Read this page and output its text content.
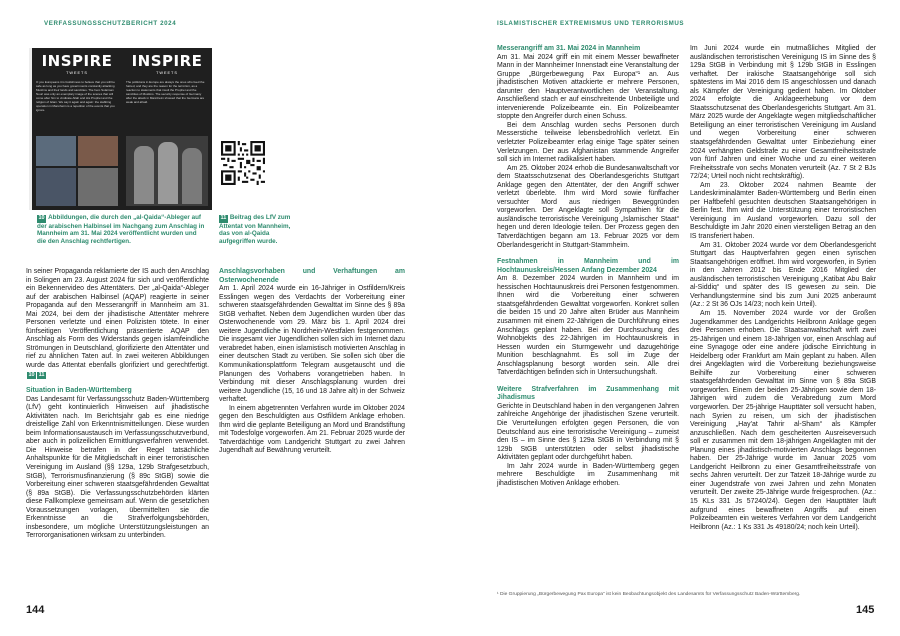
VERFASSUNGSSCHUTZBERICHT 2024	ISLAMISTISCHER EXTREMISMUS UND TERRORISMUS
INSPIRE
TWEETS
O you Europeans it is foolishness to believe that you will be safe as long as you have governments constantly attacking Muslims and their lands and sanctities. The hero Sulaiman Nouri was only an exemplary image of the scenes that will come after him to vindicate Allah and His Prophet and the religion of Islam. We say it again and again: the stabbing operation in Mannheim is a repetition of the events that you ignore.
INSPIRE
TWEETS
The politicians in Europe are always the ones who feed the hatred, and they are the reason for the terrorism, as a reaction to statements that insult the Prophet and the sanctities of Muslims. The security response of Germany after the attack in Mannheim showed that the Germans are weak and afraid.
10 Abbildungen, die durch den „al-Qaida“-Ableger auf der arabischen Halbinsel im Nachgang zum Anschlag in Mannheim am 31. Mai 2024 veröffentlicht wurden und die den Anschlag rechtfertigen.
11 Beitrag des LfV zum Attentat von Mannheim, das von al-Qaida aufgegriffen wurde.

In seiner Propaganda reklamierte der IS auch den Anschlag in Solingen am 23. August 2024 für sich und veröffentlichte ein Bekennervideo des Attentäters. Der „al-Qaida“-Ableger auf der arabischen Halbinsel (AQAP) reagierte in seiner Propaganda auf den Messerangriff in Mannheim am 31. Mai 2024, bei dem der jihadistische Attentäter mehrere Personen verletzte und einen Polizisten tötete. In einer fünfseitigen Veröffentlichung präsentierte AQAP den Anschlag als Form des Widerstands gegen islamfeindliche Strömungen in Deutschland, glorifizierte den Attentäter und rief zu ähnlichen Taten auf. In zwei weiteren Abbildungen wurde das Attentat ebenfalls glorifiziert und gerechtfertigt. 10 11

Situation in Baden-Württemberg

Das Landesamt für Verfassungsschutz Baden-Württemberg (LfV) geht kontinuierlich Hinweisen auf jihadistische Aktivitäten nach. Im Berichtsjahr gab es eine niedrige dreistellige Zahl von Erkenntnismitteilungen. Diese wurden beim Informationsaustausch im Verfassungsschutzverbund, aber auch in polizeilichen Ermittlungsverfahren verwendet. Die Hinweise betrafen in der Regel tatsächliche Anhaltspunkte für die Mitgliedschaft in einer terroristischen Vereinigung im Ausland (§§ 129a, 129b Strafgesetzbuch, StGB), Terrorismusfinanzierung (§ 89c StGB) sowie die Vorbereitung einer schweren staatsgefährdenden Gewalttat (§ 89a StGB). Die Verfassungsschutzbehörden klärten diese Fallkomplexe gemeinsam auf. Wenn die gesetzlichen Voraussetzungen vorlagen, übermittelten sie die Erkenntnisse an die Strafverfolgungsbehörden, insbesondere, um mögliche Unterstützungsleistungen an Terrororganisationen wirksam zu unterbinden.

Anschlagsvorhaben und Verhaftungen am Osterwochenende

Am 1. April 2024 wurde ein 16-Jähriger in Ostfildern/Kreis Esslingen wegen des Verdachts der Vorbereitung einer schweren staatsgefährdenden Gewalttat im Sinne des § 89a StGB verhaftet. Neben dem Jugendlichen wurden über das Osterwochenende vom 29. März bis 1. April 2024 drei weitere Jugendliche in Nordrhein-Westfalen festgenommen. Die insgesamt vier Jugendlichen sollen sich im Internet dazu verabredet haben, einen islamistisch motivierten Anschlag in einer deutschen Stadt zu verüben. Sie sollen sich über die Kommunikationsplattform Telegram ausgetauscht und die Planungen des Vorhabens vorangetrieben haben. In Verbindung mit dieser Anschlagsplanung wurden drei weitere Jugendliche (15, 16 und 18 Jahre alt) in der Schweiz verhaftet.

In einem abgetrennten Verfahren wurde im Oktober 2024 gegen den Beschuldigten aus Ostfildern Anklage erhoben. Ihm wird die geplante Beteiligung an Mord und Brandstiftung mit Todesfolge vorgeworfen. Am 21. Februar 2025 wurde der Tatverdächtige vom Landgericht Stuttgart zu zwei Jahren Jugendhaft auf Bewährung verurteilt.

Messerangriff am 31. Mai 2024 in Mannheim

Am 31. Mai 2024 griff ein mit einem Messer bewaffneter Mann in der Mannheimer Innenstadt eine Veranstaltung der Gruppe „Bürgerbewegung Pax Europa“¹ an. Aus jihadistischen Motiven attackierte er mehrere Personen, darunter den Hauptverantwortlichen der Veranstaltung. Anschließend stach er auf einschreitende Unbeteiligte und intervenierende Polizeibeamte ein. Ein Polizeibeamter stoppte den Angreifer durch einen Schuss.

Bei dem Anschlag wurden sechs Personen durch Messerstiche teilweise lebensbedrohlich verletzt. Ein verletzter Polizeibeamter erlag einige Tage später seinen Verletzungen. Der aus Afghanistan stammende Angreifer soll sich im Internet radikalisiert haben.

Am 25. Oktober 2024 erhob die Bundesanwaltschaft vor dem Staatsschutzsenat des Oberlandesgerichts Stuttgart Anklage gegen den Attentäter, der den Angriff schwer verletzt überlebte. Ihm wird Mord sowie fünffacher versuchter Mord aus niedrigen Beweggründen vorgeworfen. Der Angeklagte soll Sympathien für die ausländische terroristische Vereinigung „Islamischer Staat“ hegen und deren Ideologie teilen. Der Prozess gegen den Tatverdächtigen begann am 13. Februar 2025 vor dem Oberlandesgericht in Stuttgart-Stammheim.

Festnahmen in Mannheim und im Hochtaunuskreis/Hessen Anfang Dezember 2024

Am 8. Dezember 2024 wurden in Mannheim und im hessischen Hochtaunuskreis drei Personen festgenommen. Ihnen wird die Vorbereitung einer schweren staatsgefährdenden Gewalttat vorgeworfen. Konkret sollen die beiden 15 und 20 Jahre alten Brüder aus Mannheim zusammen mit einem 22-Jährigen die Durchführung eines Anschlags geplant haben. Bei der Durchsuchung des Wohnobjekts des 22-Jährigen im Hochtaunuskreis in Hessen wurden ein Sturmgewehr und dazugehörige Munition beschlagnahmt. Es soll im Zuge der Anschlagsplanung besorgt worden sein. Alle drei Tatverdächtigen befinden sich in Untersuchungshaft.

Weitere Strafverfahren im Zusammenhang mit Jihadismus

Gerichte in Deutschland haben in den vergangenen Jahren zahlreiche Angehörige der jihadistischen Szene verurteilt. Die Verurteilungen erfolgten gegen Personen, die von Deutschland aus eine terroristische Vereinigung – zumeist den IS – im Sinne des § 129a StGB in Verbindung mit § 129b StGB unterstützten oder selbst jihadistische Aktivitäten geplant oder durchgeführt haben.

Im Jahr 2024 wurde in Baden-Württemberg gegen mehrere Beschuldigte im Zusammenhang mit jihadistischen Motiven Anklage erhoben.

Im Juni 2024 wurde ein mutmaßliches Mitglied der ausländischen terroristischen Vereinigung IS im Sinne des § 129a StGB in Verbindung mit § 129b StGB in Esslingen verhaftet. Der irakische Staatsangehörige soll sich spätestens im Mai 2016 dem IS angeschlossen und danach als Kämpfer der Vereinigung gedient haben. Im Oktober 2024 erfolgte die Anklageerhebung vor dem Staatsschutzsenat des Oberlandesgerichts Stuttgart. Am 31. März 2025 wurde der Angeklagte wegen mitgliedschaftlicher Beteiligung an einer terroristischen Vereinigung im Ausland und wegen Vorbereitung einer schweren staatsgefährdenden Gewalttat unter Einbeziehung einer 2024 verhängten Geldstrafe zu einer Gesamtfreiheitsstrafe von fünf Jahren und einer Woche und zu einer weiteren Freiheitsstrafe von sechs Monaten verurteilt (Az. 7 St 2 BJs 72/24; Urteil noch nicht rechtskräftig).

Am 23. Oktober 2024 nahmen Beamte der Landeskriminalämter Baden-Württemberg und Berlin einen per Haftbefehl gesuchten deutschen Staatsangehörigen in Berlin fest. Ihm wird die Unterstützung einer terroristischen Vereinigung im Ausland vorgeworfen. Dazu soll der Beschuldigte im Jahr 2020 einen vierstelligen Betrag an den IS transferiert haben.

Am 31. Oktober 2024 wurde vor dem Oberlandesgericht Stuttgart das Hauptverfahren gegen einen syrischen Staatsangehörigen eröffnet. Ihm wird vorgeworfen, in Syrien in den Jahren 2012 bis Ende 2016 Mitglied der ausländischen terroristischen Vereinigung „Katibat Abu Bakr al-Siddiq“ und später des IS gewesen zu sein. Die Verhandlungstermine sind bis zum Juni 2025 anberaumt (Az.: 2 St 36 OJs 14/23; noch kein Urteil).

Am 15. November 2024 wurde vor der Großen Jugendkammer des Landgerichts Heilbronn Anklage gegen drei Personen erhoben. Die Staatsanwaltschaft wirft zwei 25-Jährigen und einem 18-Jährigen vor, einen Anschlag auf eine Synagoge oder eine andere jüdische Einrichtung in Heidelberg oder Frankfurt am Main geplant zu haben. Allen drei Angeklagten wird die Vorbereitung beziehungsweise Beihilfe zur Vorbereitung einer schweren staatsgefährdenden Gewalttat im Sinne von § 89a StGB vorgeworfen. Einem der beiden 25-Jährigen sowie dem 18-Jährigen wird zudem die Verabredung zum Mord vorgeworfen. Der 25-jährige Haupttäter soll versucht haben, nach Syrien zu reisen, um sich der jihadistischen Vereinigung „Hay’at Tahrir al-Sham“ als Kämpfer anzuschließen. Nach dem gescheiterten Ausreiseversuch soll er zusammen mit dem 18-jährigen Angeklagten mit der Planung eines jihadistisch-motivierten Anschlags begonnen haben. Der 25-Jährige wurde im Januar 2025 vom Landgericht Heilbronn zu einer Gesamtfreiheitsstrafe von sechs Jahren verurteilt. Der zur Tatzeit 18-Jährige wurde zu einer Jugendstrafe von zwei Jahren und zehn Monaten verurteilt. Der zweite 25-Jährige wurde freigesprochen. (Az.: 15 KLs 331 Js 57240/24). Gegen den Haupttäter läuft aufgrund eines bewaffneten Angriffs auf einen Polizeibeamten ein weiteres Verfahren vor dem Landgericht Heilbronn (Az.: 1 Ks 331 Js 49180/24; noch kein Urteil).

¹ Die Gruppierung „Bürgerbewegung Pax Europa“ ist kein Beobachtungsobjekt des Landesamts für Verfassungsschutz Baden-Württemberg.
144	145
